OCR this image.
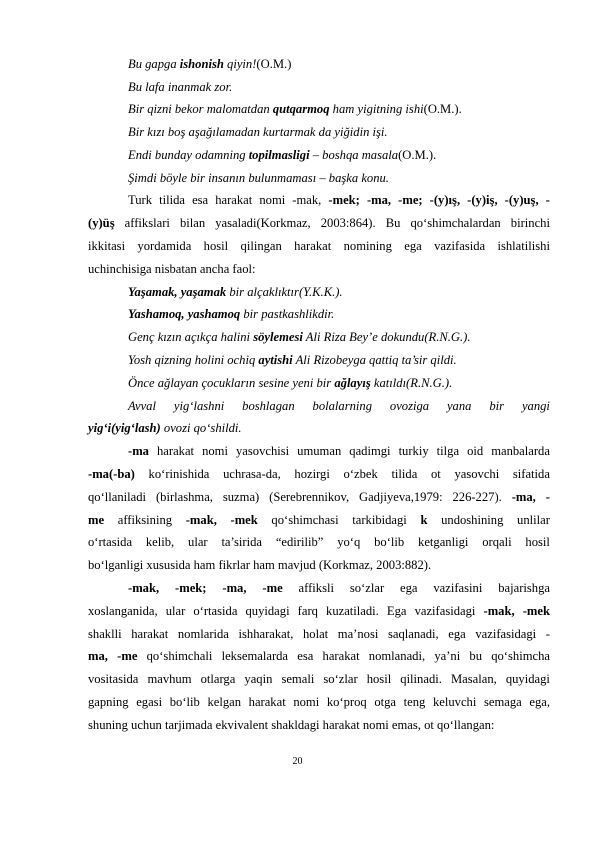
Bu gapga ishonish qiyin!(O.M.)
Bu lafa inanmak zor.
Bir qizni bekor malomatdan qutqarmoq ham yigitning ishi(O.M.).
Bir kızı boş aşağılamadan kurtarmak da yiğidin işi.
Endi bunday odamning topilmasligi – boshqa masala(O.M.).
Şimdi böyle bir insanın bulunmaması – başka konu.
Turk tilida esa harakat nomi -mak, -mek; -ma, -me; -(y)ış, -(y)iş, -(y)uş, -
(y)üş affikslari bilan yasaladi(Korkmaz, 2003:864). Bu qo‘shimchalardan birinchi
ikkitasi yordamida hosil qilingan harakat nomining ega vazifasida ishlatilishi
uchinchisiga nisbatan ancha faol:
Yaşamak, yaşamak bir alçaklıktır(Y.K.K.).
Yashamoq, yashamoq bir pastkashlikdir.
Genç kızın açıkça halini söylemesi Ali Riza Bey’e dokundu(R.N.G.).
Yosh qizning holini ochiq aytishi Ali Rizobeyga qattiq ta’sir qildi.
Önce ağlayan çocukların sesine yeni bir ağlayış katıldı(R.N.G.).
Avval yig‘lashni boshlagan bolalarning ovoziga yana bir yangi
yig‘i(yig‘lash) ovozi qo‘shildi.
-ma harakat nomi yasovchisi umuman qadimgi turkiy tilga oid manbalarda
-ma(-ba) ko‘rinishida uchrasa-da, hozirgi o‘zbek tilida ot yasovchi sifatida
qo‘llaniladi (birlashma, suzma) (Serebrennikov, Gadjiyeva,1979: 226-227). -ma, -
me affiksining -mak, -mek qo‘shimchasi tarkibidagi k undoshining unlilar
o‘rtasida kelib, ular ta’sirida “edirilib” yo‘q bo‘lib ketganligi orqali hosil
bo‘lganligi xususida ham fikrlar ham mavjud (Korkmaz, 2003:882).
-mak, -mek; -ma, -me affiksli so‘zlar ega vazifasini bajarishga
xoslanganida, ular o‘rtasida quyidagi farq kuzatiladi. Ega vazifasidagi -mak, -mek
shaklli harakat nomlarida ishharakat, holat ma’nosi saqlanadi, ega vazifasidagi -
ma, -me qo‘shimchali leksemalarda esa harakat nomlanadi, ya’ni bu qo‘shimcha
vositasida mavhum otlarga yaqin semali so‘zlar hosil qilinadi. Masalan, quyidagi
gapning egasi bo‘lib kelgan harakat nomi ko‘proq otga teng keluvchi semaga ega,
shuning uchun tarjimada ekvivalent shakldagi harakat nomi emas, ot qo‘llangan:
20
